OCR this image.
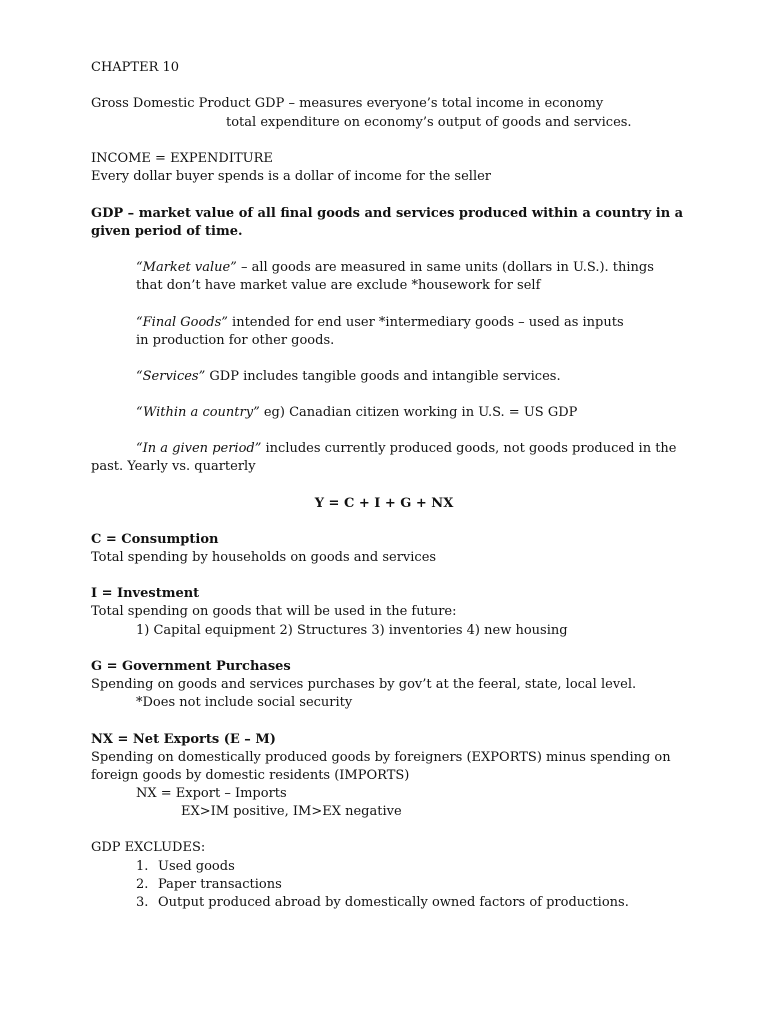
CHAPTER 10
Gross Domestic Product GDP – measures everyone’s total income in economy
total expenditure on economy’s output of goods and services.
INCOME = EXPENDITURE
Every dollar buyer spends is a dollar of income for the seller
GDP – market value of all final goods and services produced within a country in a
given period of time.
“Market value” – all goods are measured in same units (dollars in U.S.). things
that don’t have market value are exclude *housework for self
“Final Goods” intended for end user *intermediary goods – used as inputs
in production for other goods.
“Services” GDP includes tangible goods and intangible services.
“Within a country” eg) Canadian citizen working in U.S. = US GDP
“In a given period” includes currently produced goods, not goods produced in the
past. Yearly vs. quarterly
Y = C + I + G + NX
C = Consumption
Total spending by households on goods and services
I = Investment
Total spending on goods that will be used in the future:
1) Capital equipment 2) Structures 3) inventories 4) new housing
G = Government Purchases
Spending on goods and services purchases by gov’t at the feeral, state, local level.
*Does not include social security
NX = Net Exports (E – M)
Spending on domestically produced goods by foreigners (EXPORTS) minus spending on
foreign goods by domestic residents (IMPORTS)
NX = Export – Imports
EX>IM positive, IM>EX negative
GDP EXCLUDES:
1. Used goods
2. Paper transactions
3. Output produced abroad by domestically owned factors of productions.
